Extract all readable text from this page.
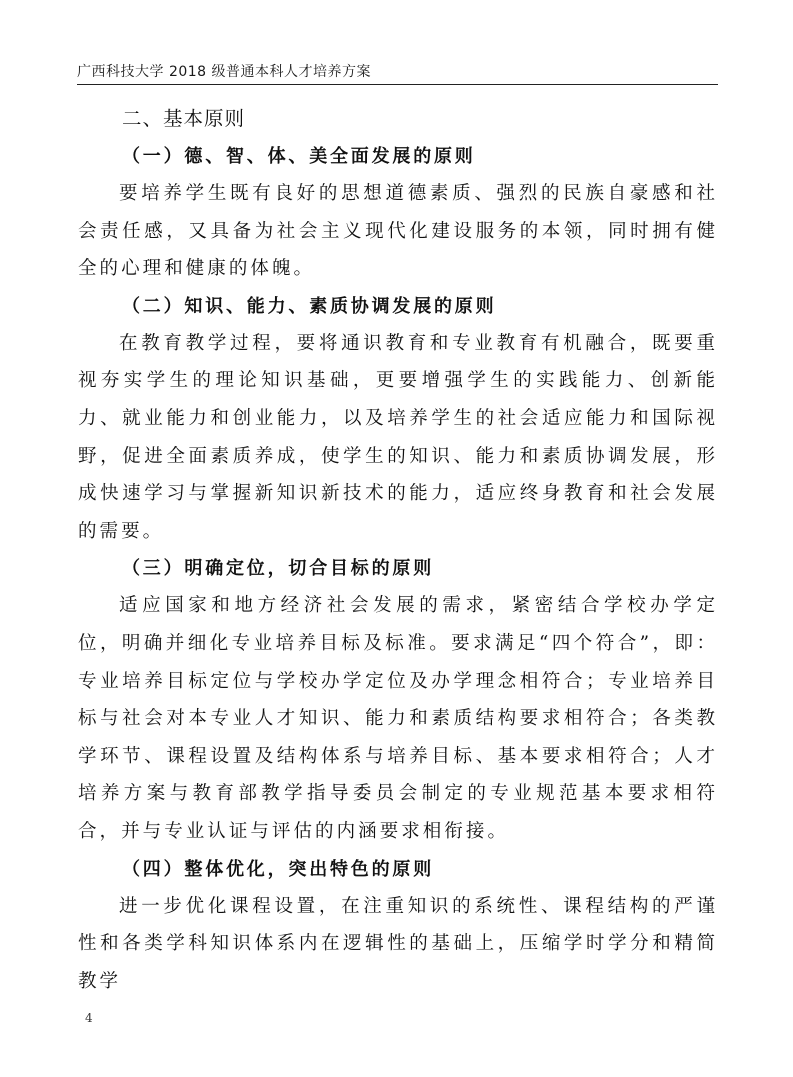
广西科技大学 2018 级普通本科人才培养方案
二、基本原则
（一）德、智、体、美全面发展的原则

要培养学生既有良好的思想道德素质、强烈的民族自豪感和社会责任感，又具备为社会主义现代化建设服务的本领，同时拥有健全的心理和健康的体魄。

（二）知识、能力、素质协调发展的原则

在教育教学过程，要将通识教育和专业教育有机融合，既要重视夯实学生的理论知识基础，更要增强学生的实践能力、创新能力、就业能力和创业能力，以及培养学生的社会适应能力和国际视野，促进全面素质养成，使学生的知识、能力和素质协调发展，形成快速学习与掌握新知识新技术的能力，适应终身教育和社会发展的需要。

（三）明确定位，切合目标的原则

适应国家和地方经济社会发展的需求，紧密结合学校办学定位，明确并细化专业培养目标及标准。要求满足“四个符合”，即：专业培养目标定位与学校办学定位及办学理念相符合；专业培养目标与社会对本专业人才知识、能力和素质结构要求相符合；各类教学环节、课程设置及结构体系与培养目标、基本要求相符合；人才培养方案与教育部教学指导委员会制定的专业规范基本要求相符合，并与专业认证与评估的内涵要求相衔接。

（四）整体优化，突出特色的原则

进一步优化课程设置，在注重知识的系统性、课程结构的严谨性和各类学科知识体系内在逻辑性的基础上，压缩学时学分和精简教学

4
